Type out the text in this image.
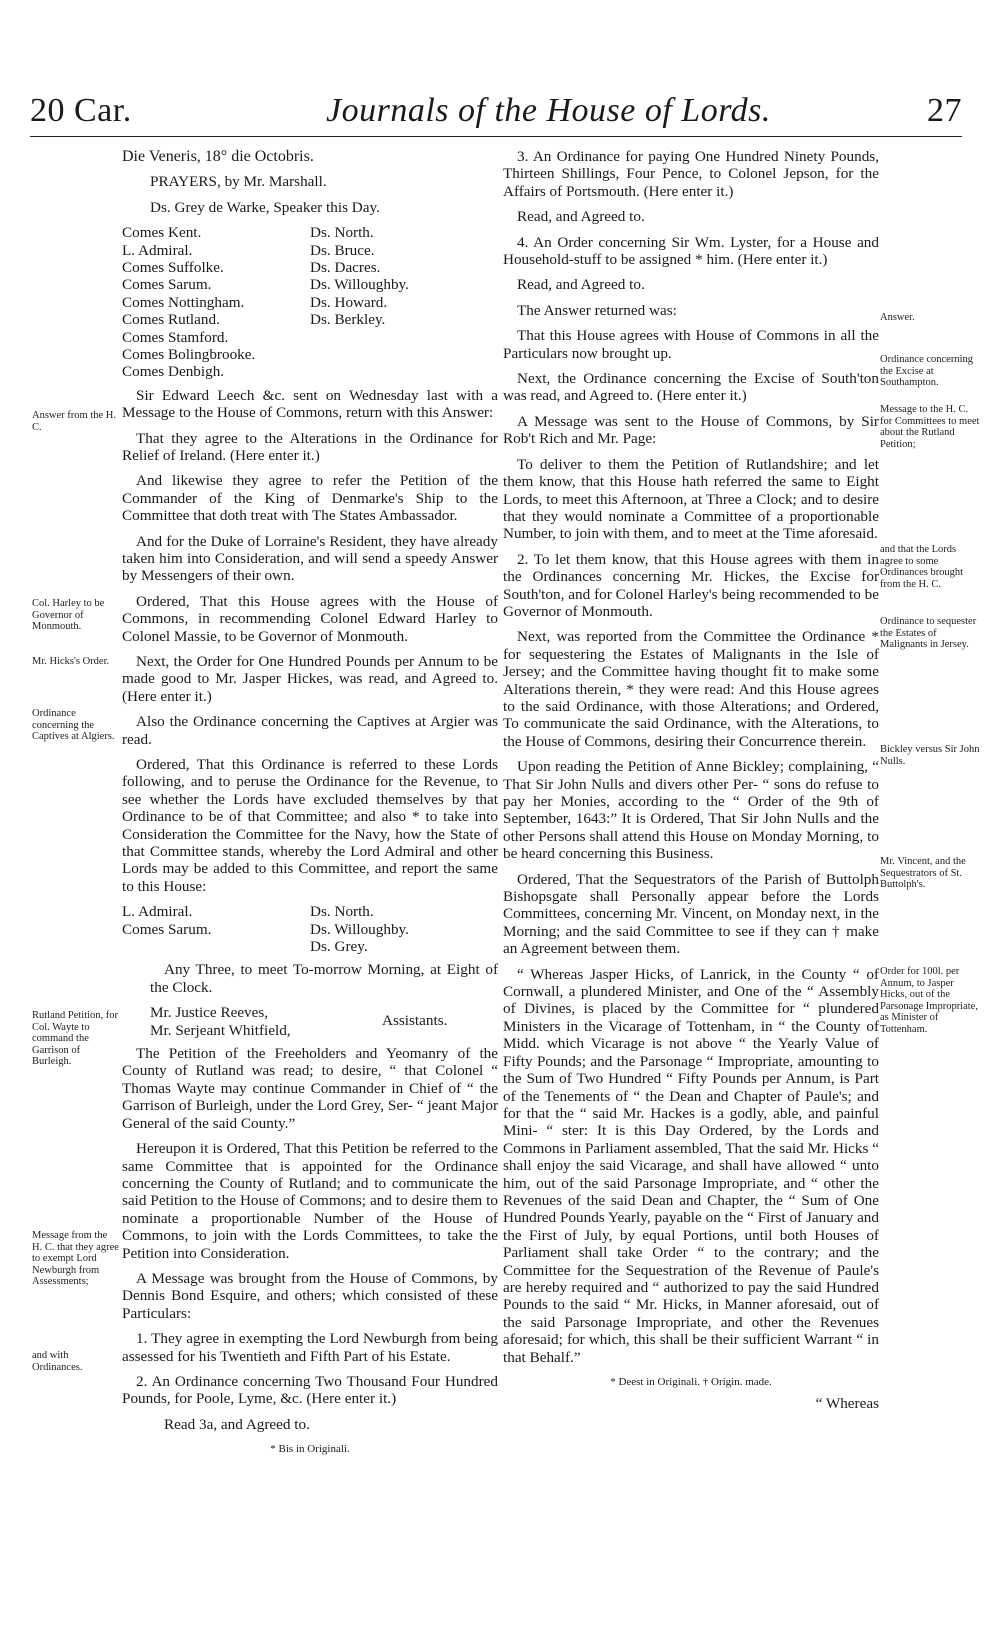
20 Car.	Journals of the House of Lords.	27
Answer from the H. C.
Col. Harley to be Governor of Monmouth.
Mr. Hicks's Order.
Ordinance concerning the Captives at Algiers.
Rutland Petition, for Col. Wayte to command the Garrison of Burleigh.
Message from the H. C. that they agree to exempt Lord Newburgh from Assessments;
and with Ordinances.
Answer.
Ordinance concerning the Excise at Southampton.
Message to the H. C. for Committees to meet about the Rutland Petition;
and that the Lords agree to some Ordinances brought from the H. C.
Ordinance to sequester the Estates of Malignants in Jersey.
Bickley versus Sir John Nulls.
Mr. Vincent, and the Sequestrators of St. Buttolph's.
Order for 100l. per Annum, to Jasper Hicks, out of the Parsonage Impropriate, as Minister of Tottenham.

Die Veneris, 18° die Octobris.

PRAYERS, by Mr. Marshall.

Ds. Grey de Warke, Speaker this Day.

Comes Kent.

L. Admiral.

Comes Suffolke.

Comes Sarum.

Comes Nottingham.

Comes Rutland.

Comes Stamford.

Comes Bolingbrooke.

Comes Denbigh.

Ds. North.

Ds. Bruce.

Ds. Dacres.

Ds. Willoughby.

Ds. Howard.

Ds. Berkley.

Sir Edward Leech &c. sent on Wednesday last with a Message to the House of Commons, return with this Answer:

That they agree to the Alterations in the Ordinance for Relief of Ireland. (Here enter it.)

And likewise they agree to refer the Petition of the Commander of the King of Denmarke's Ship to the Committee that doth treat with The States Ambassador.

And for the Duke of Lorraine's Resident, they have already taken him into Consideration, and will send a speedy Answer by Messengers of their own.

Ordered, That this House agrees with the House of Commons, in recommending Colonel Edward Harley to Colonel Massie, to be Governor of Monmouth.

Next, the Order for One Hundred Pounds per Annum to be made good to Mr. Jasper Hickes, was read, and Agreed to. (Here enter it.)

Also the Ordinance concerning the Captives at Argier was read.

Ordered, That this Ordinance is referred to these Lords following, and to peruse the Ordinance for the Revenue, to see whether the Lords have excluded themselves by that Ordinance to be of that Committee; and also * to take into Consideration the Committee for the Navy, how the State of that Committee stands, whereby the Lord Admiral and other Lords may be added to this Committee, and report the same to this House:

L. Admiral.

Comes Sarum.

Ds. North.

Ds. Willoughby.

Ds. Grey.

Any Three, to meet To-morrow Morning, at Eight of the Clock.

Mr. Justice Reeves,

Mr. Serjeant Whitfield,

Assistants.

The Petition of the Freeholders and Yeomanry of the County of Rutland was read; to desire, “ that Colonel “ Thomas Wayte may continue Commander in Chief of “ the Garrison of Burleigh, under the Lord Grey, Ser- “ jeant Major General of the said County.”

Hereupon it is Ordered, That this Petition be referred to the same Committee that is appointed for the Ordinance concerning the County of Rutland; and to communicate the said Petition to the House of Commons; and to desire them to nominate a proportionable Number of the House of Commons, to join with the Lords Committees, to take the Petition into Consideration.

A Message was brought from the House of Commons, by Dennis Bond Esquire, and others; which consisted of these Particulars:

1. They agree in exempting the Lord Newburgh from being assessed for his Twentieth and Fifth Part of his Estate.

2. An Ordinance concerning Two Thousand Four Hundred Pounds, for Poole, Lyme, &c. (Here enter it.)

Read 3a, and Agreed to.

* Bis in Originali.

3. An Ordinance for paying One Hundred Ninety Pounds, Thirteen Shillings, Four Pence, to Colonel Jepson, for the Affairs of Portsmouth. (Here enter it.)

Read, and Agreed to.

4. An Order concerning Sir Wm. Lyster, for a House and Household-stuff to be assigned * him. (Here enter it.)

Read, and Agreed to.

The Answer returned was:

That this House agrees with House of Commons in all the Particulars now brought up.

Next, the Ordinance concerning the Excise of South'ton was read, and Agreed to. (Here enter it.)

A Message was sent to the House of Commons, by Sir Rob't Rich and Mr. Page:

To deliver to them the Petition of Rutlandshire; and let them know, that this House hath referred the same to Eight Lords, to meet this Afternoon, at Three a Clock; and to desire that they would nominate a Committee of a proportionable Number, to join with them, and to meet at the Time aforesaid.

2. To let them know, that this House agrees with them in the Ordinances concerning Mr. Hickes, the Excise for South'ton, and for Colonel Harley's being recommended to be Governor of Monmouth.

Next, was reported from the Committee the Ordinance * for sequestering the Estates of Malignants in the Isle of Jersey; and the Committee having thought fit to make some Alterations therein, * they were read: And this House agrees to the said Ordinance, with those Alterations; and Ordered, To communicate the said Ordinance, with the Alterations, to the House of Commons, desiring their Concurrence therein.

Upon reading the Petition of Anne Bickley; complaining, “ That Sir John Nulls and divers other Per- “ sons do refuse to pay her Monies, according to the “ Order of the 9th of September, 1643:” It is Ordered, That Sir John Nulls and the other Persons shall attend this House on Monday Morning, to be heard concerning this Business.

Ordered, That the Sequestrators of the Parish of Buttolph Bishopsgate shall Personally appear before the Lords Committees, concerning Mr. Vincent, on Monday next, in the Morning; and the said Committee to see if they can † make an Agreement between them.

“ Whereas Jasper Hicks, of Lanrick, in the County “ of Cornwall, a plundered Minister, and One of the “ Assembly of Divines, is placed by the Committee for “ plundered Ministers in the Vicarage of Tottenham, in “ the County of Midd. which Vicarage is not above “ the Yearly Value of Fifty Pounds; and the Parsonage “ Impropriate, amounting to the Sum of Two Hundred “ Fifty Pounds per Annum, is Part of the Tenements of “ the Dean and Chapter of Paule's; and for that the “ said Mr. Hackes is a godly, able, and painful Mini- “ ster: It is this Day Ordered, by the Lords and Commons in Parliament assembled, That the said Mr. Hicks “ shall enjoy the said Vicarage, and shall have allowed “ unto him, out of the said Parsonage Impropriate, and “ other the Revenues of the said Dean and Chapter, the “ Sum of One Hundred Pounds Yearly, payable on the “ First of January and the First of July, by equal Portions, until both Houses of Parliament shall take Order “ to the contrary; and the Committee for the Sequestration of the Revenue of Paule's are hereby required and “ authorized to pay the said Hundred Pounds to the said “ Mr. Hicks, in Manner aforesaid, out of the said Parsonage Impropriate, and other the Revenues aforesaid; for which, this shall be their sufficient Warrant “ in that Behalf.”

* Deest in Originali. † Origin. made.
“ Whereas
